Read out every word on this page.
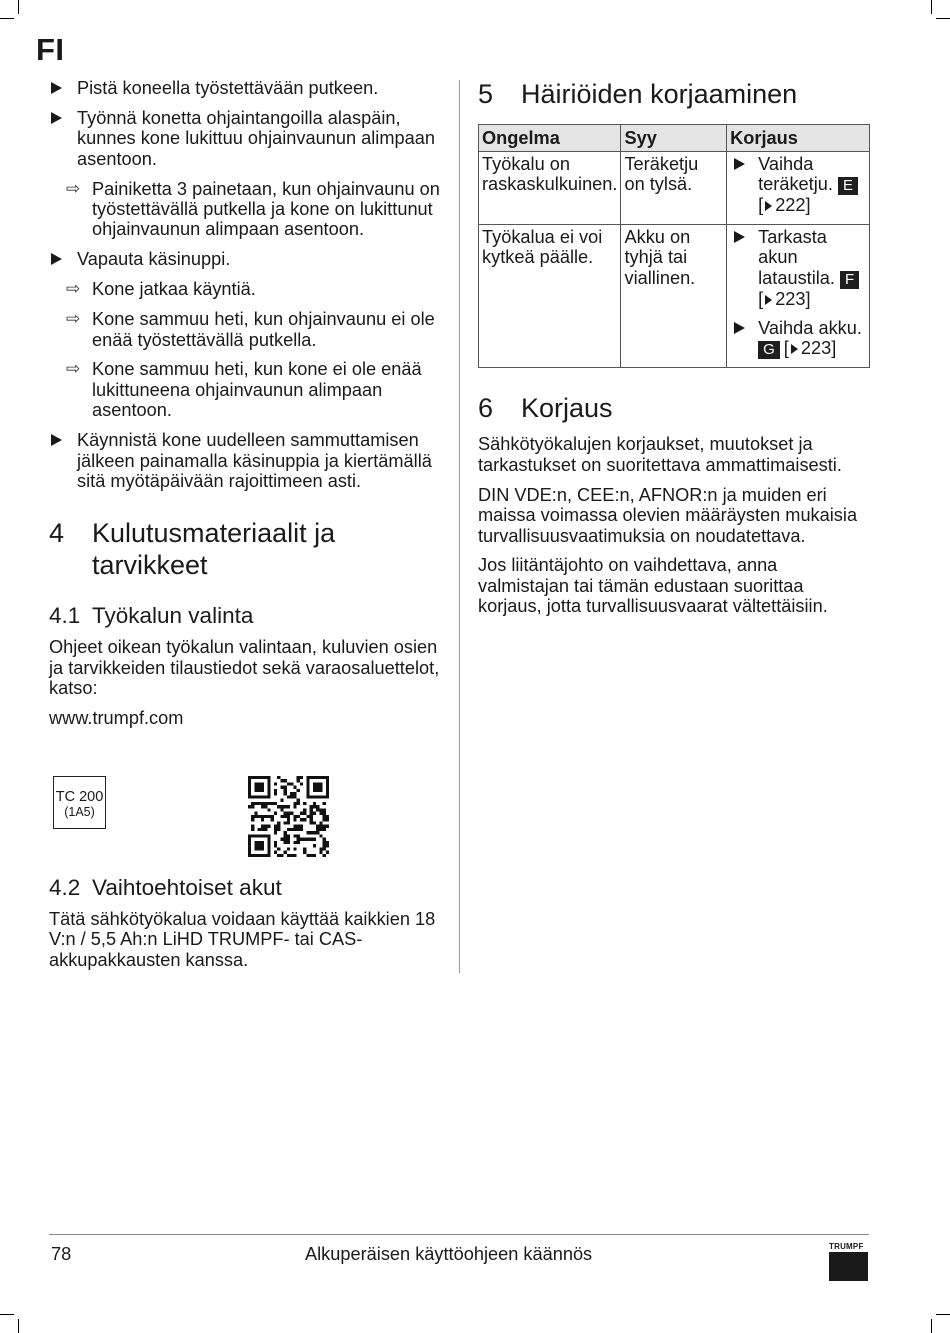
FI
Pistä koneella työstettävään putkeen.
Työnnä konetta ohjaintangoilla alaspäin, kunnes kone lukittuu ohjainvaunun alimpaan asentoon.
⇨ Painiketta 3 painetaan, kun ohjainvaunu on työstettävällä putkella ja kone on lukittunut ohjainvaunun alimpaan asentoon.
Vapauta käsinuppi.
⇨ Kone jatkaa käyntiä.
⇨ Kone sammuu heti, kun ohjainvaunu ei ole enää työstettävällä putkella.
⇨ Kone sammuu heti, kun kone ei ole enää lukittuneena ohjainvaunun alimpaan asentoon.
Käynnistä kone uudelleen sammuttamisen jälkeen painamalla käsinuppia ja kiertämällä sitä myötäpäivään rajoittimeen asti.
4 Kulutusmateriaalit ja tarvikkeet
4.1 Työkalun valinta

Ohjeet oikean työkalun valintaan, kuluvien osien ja tarvikkeiden tilaustiedot sekä varaosaluettelot, katso:

www.trumpf.com

TC 200
(1A5)
4.2 Vaihtoehtoiset akut

Tätä sähkötyökalua voidaan käyttää kaikkien 18 V:n / 5,5 Ah:n LiHD TRUMPF- tai CAS-akkupakkausten kanssa.

5 Häiriöiden korjaaminen
Ongelma	Syy	Korjaus
Työkalu on raskaskulkuinen.	Teräketju on tylsä.	Vaihda teräketju. E[ 222]

Työkalua ei voi kytkeä päälle.	Akku on tyhjä tai viallinen.	Tarkasta akun lataustila. F[ 223]
Vaihda akku. G [ 223]
6 Korjaus

Sähkötyökalujen korjaukset, muutokset ja tarkastukset on suoritettava ammattimaisesti.

DIN VDE:n, CEE:n, AFNOR:n ja muiden eri maissa voimassa olevien määräysten mukaisia turvallisuusvaatimuksia on noudatettava.

Jos liitäntäjohto on vaihdettava, anna valmistajan tai tämän edustaan suorittaa korjaus, jotta turvallisuusvaarat vältettäisiin.

78	Alkuperäisen käyttöohjeen käännös	TRUMPF
